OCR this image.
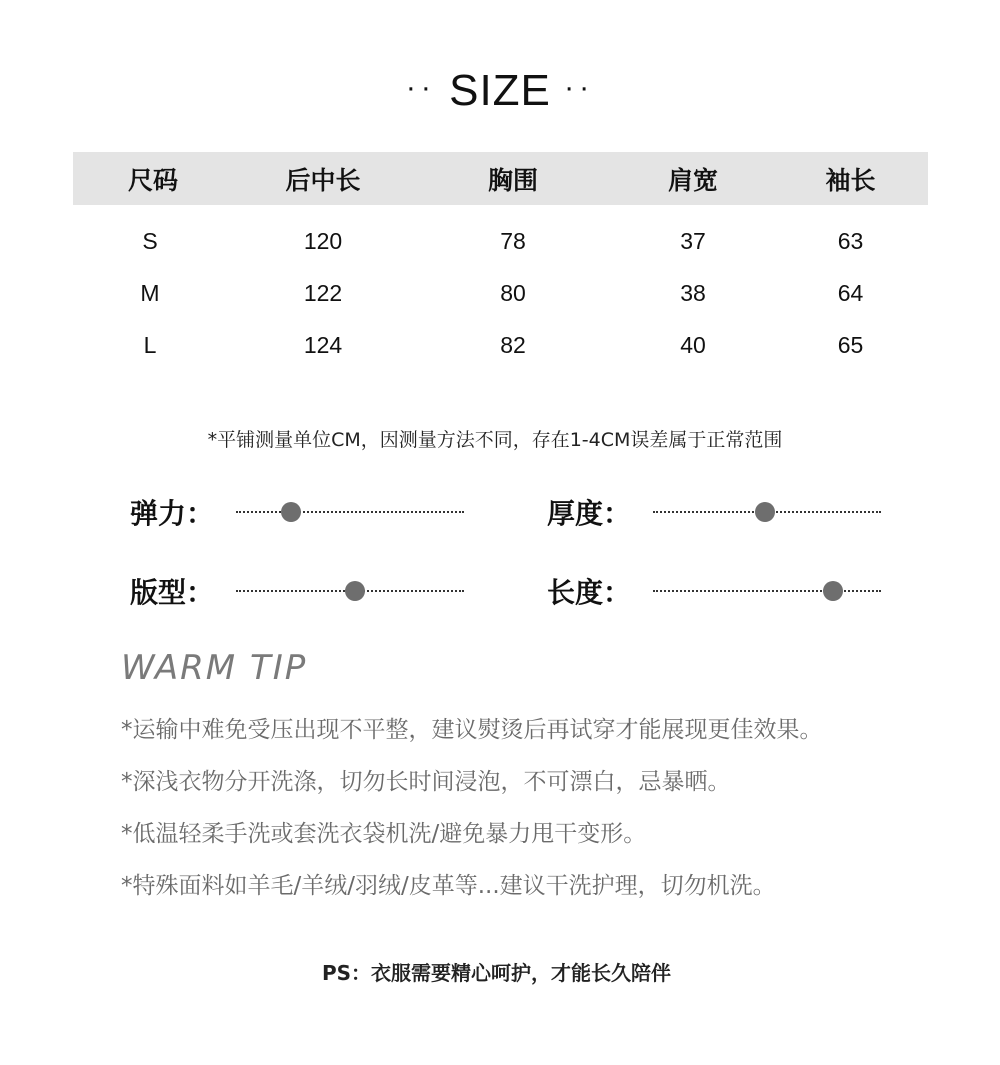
·· SIZE ··
尺码	后中长	胸围	肩宽	袖长
S	120	78	37	63
M	122	80	38	64
L	124	82	40	65
*平铺测量单位CM，因测量方法不同，存在1-4CM误差属于正常范围
弹力：	厚度：
版型：	长度：
WARM TIP
*运输中难免受压出现不平整，建议熨烫后再试穿才能展现更佳效果。
*深浅衣物分开洗涤，切勿长时间浸泡，不可漂白，忌暴晒。
*低温轻柔手洗或套洗衣袋机洗/避免暴力甩干变形。
*特殊面料如羊毛/羊绒/羽绒/皮革等...建议干洗护理，切勿机洗。
PS：衣服需要精心呵护，才能长久陪伴
